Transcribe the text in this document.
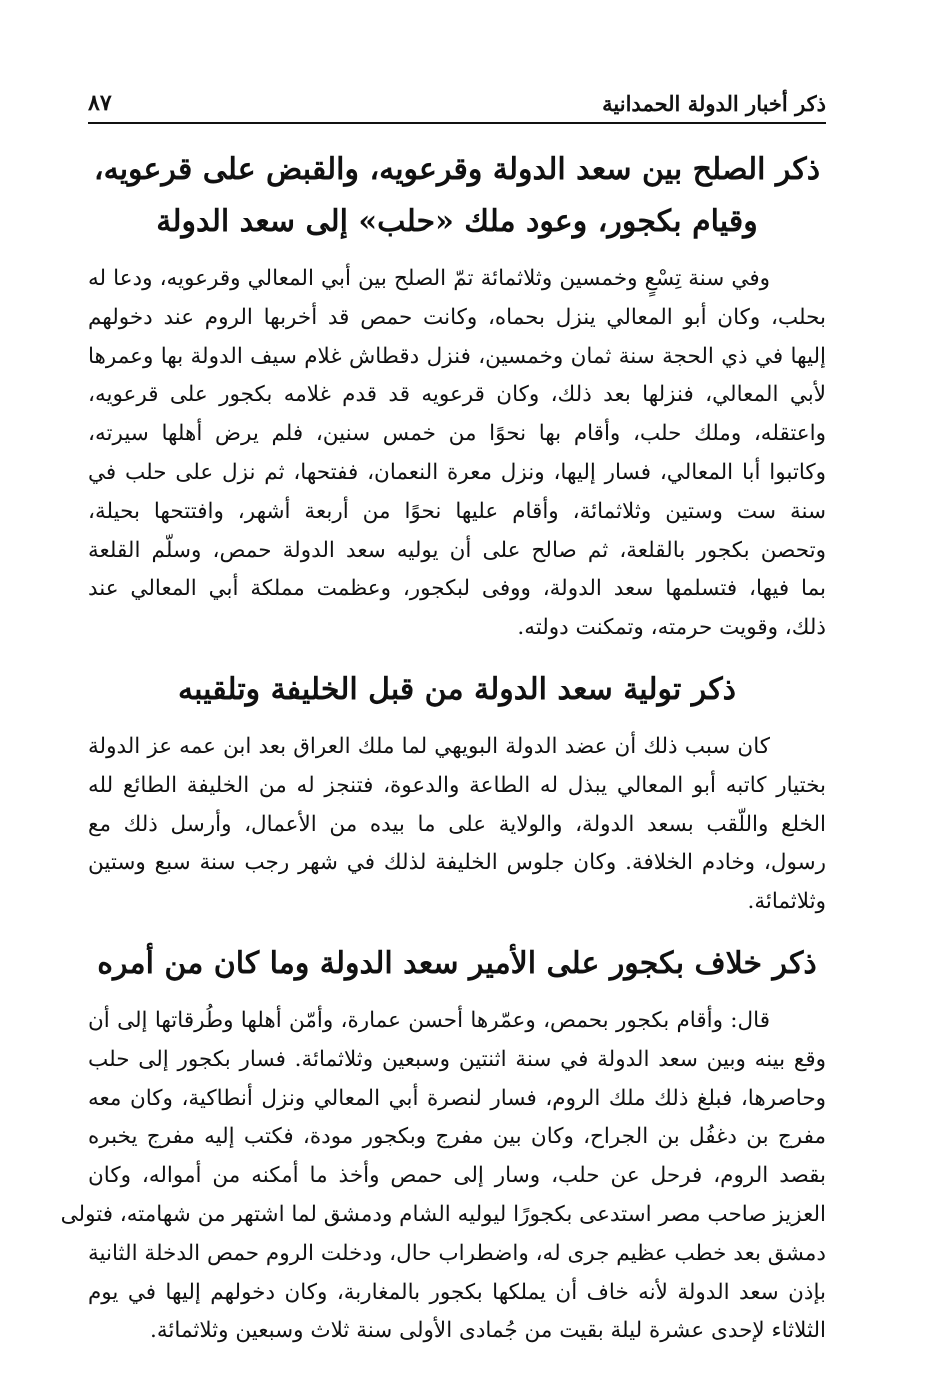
ذكر أخبار الدولة الحمدانية
٨٧
ذكر الصلح بين سعد الدولة وقرعويه، والقبض على قرعويه،
وقيام بكجور، وعود ملك «حلب» إلى سعد الدولة

وفي سنة تِسْعٍ وخمسين وثلاثمائة تمّ الصلح بين أبي المعالي وقرعويه، ودعا له
بحلب، وكان أبو المعالي ينزل بحماه، وكانت حمص قد أخربها الروم عند دخولهم
إليها في ذي الحجة سنة ثمان وخمسين، فنزل دقطاش غلام سيف الدولة بها وعمرها
لأبي المعالي، فنزلها بعد ذلك، وكان قرعويه قد قدم غلامه بكجور على قرعويه،
واعتقله، وملك حلب، وأقام بها نحوًا من خمس سنين، فلم يرض أهلها سيرته،
وكاتبوا أبا المعالي، فسار إليها، ونزل معرة النعمان، ففتحها، ثم نزل على حلب في
سنة ست وستين وثلاثمائة، وأقام عليها نحوًا من أربعة أشهر، وافتتحها بحيلة،
وتحصن بكجور بالقلعة، ثم صالح على أن يوليه سعد الدولة حمص، وسلّم القلعة
بما فيها، فتسلمها سعد الدولة، ووفى لبكجور، وعظمت مملكة أبي المعالي عند
ذلك، وقويت حرمته، وتمكنت دولته.

ذكر تولية سعد الدولة من قبل الخليفة وتلقيبه

كان سبب ذلك أن عضد الدولة البويهي لما ملك العراق بعد ابن عمه عز الدولة
بختيار كاتبه أبو المعالي يبذل له الطاعة والدعوة، فتنجز له من الخليفة الطائع لله
الخلع واللّقب بسعد الدولة، والولاية على ما بيده من الأعمال، وأرسل ذلك مع
رسول، وخادم الخلافة. وكان جلوس الخليفة لذلك في شهر رجب سنة سبع وستين
وثلاثمائة.

ذكر خلاف بكجور على الأمير سعد الدولة وما كان من أمره

قال: وأقام بكجور بحمص، وعمّرها أحسن عمارة، وأمّن أهلها وطُرقاتها إلى أن
وقع بينه وبين سعد الدولة في سنة اثنتين وسبعين وثلاثمائة. فسار بكجور إلى حلب
وحاصرها، فبلغ ذلك ملك الروم، فسار لنصرة أبي المعالي ونزل أنطاكية، وكان معه
مفرج بن دغفُل بن الجراح، وكان بين مفرج وبكجور مودة، فكتب إليه مفرج يخبره
بقصد الروم، فرحل عن حلب، وسار إلى حمص وأخذ ما أمكنه من أمواله، وكان
العزيز صاحب مصر استدعى بكجورًا ليوليه الشام ودمشق لما اشتهر من شهامته، فتولى
دمشق بعد خطب عظيم جرى له، واضطراب حال، ودخلت الروم حمص الدخلة الثانية
بإذن سعد الدولة لأنه خاف أن يملكها بكجور بالمغاربة، وكان دخولهم إليها في يوم
الثلاثاء لإحدى عشرة ليلة بقيت من جُمادى الأولى سنة ثلاث وسبعين وثلاثمائة.
